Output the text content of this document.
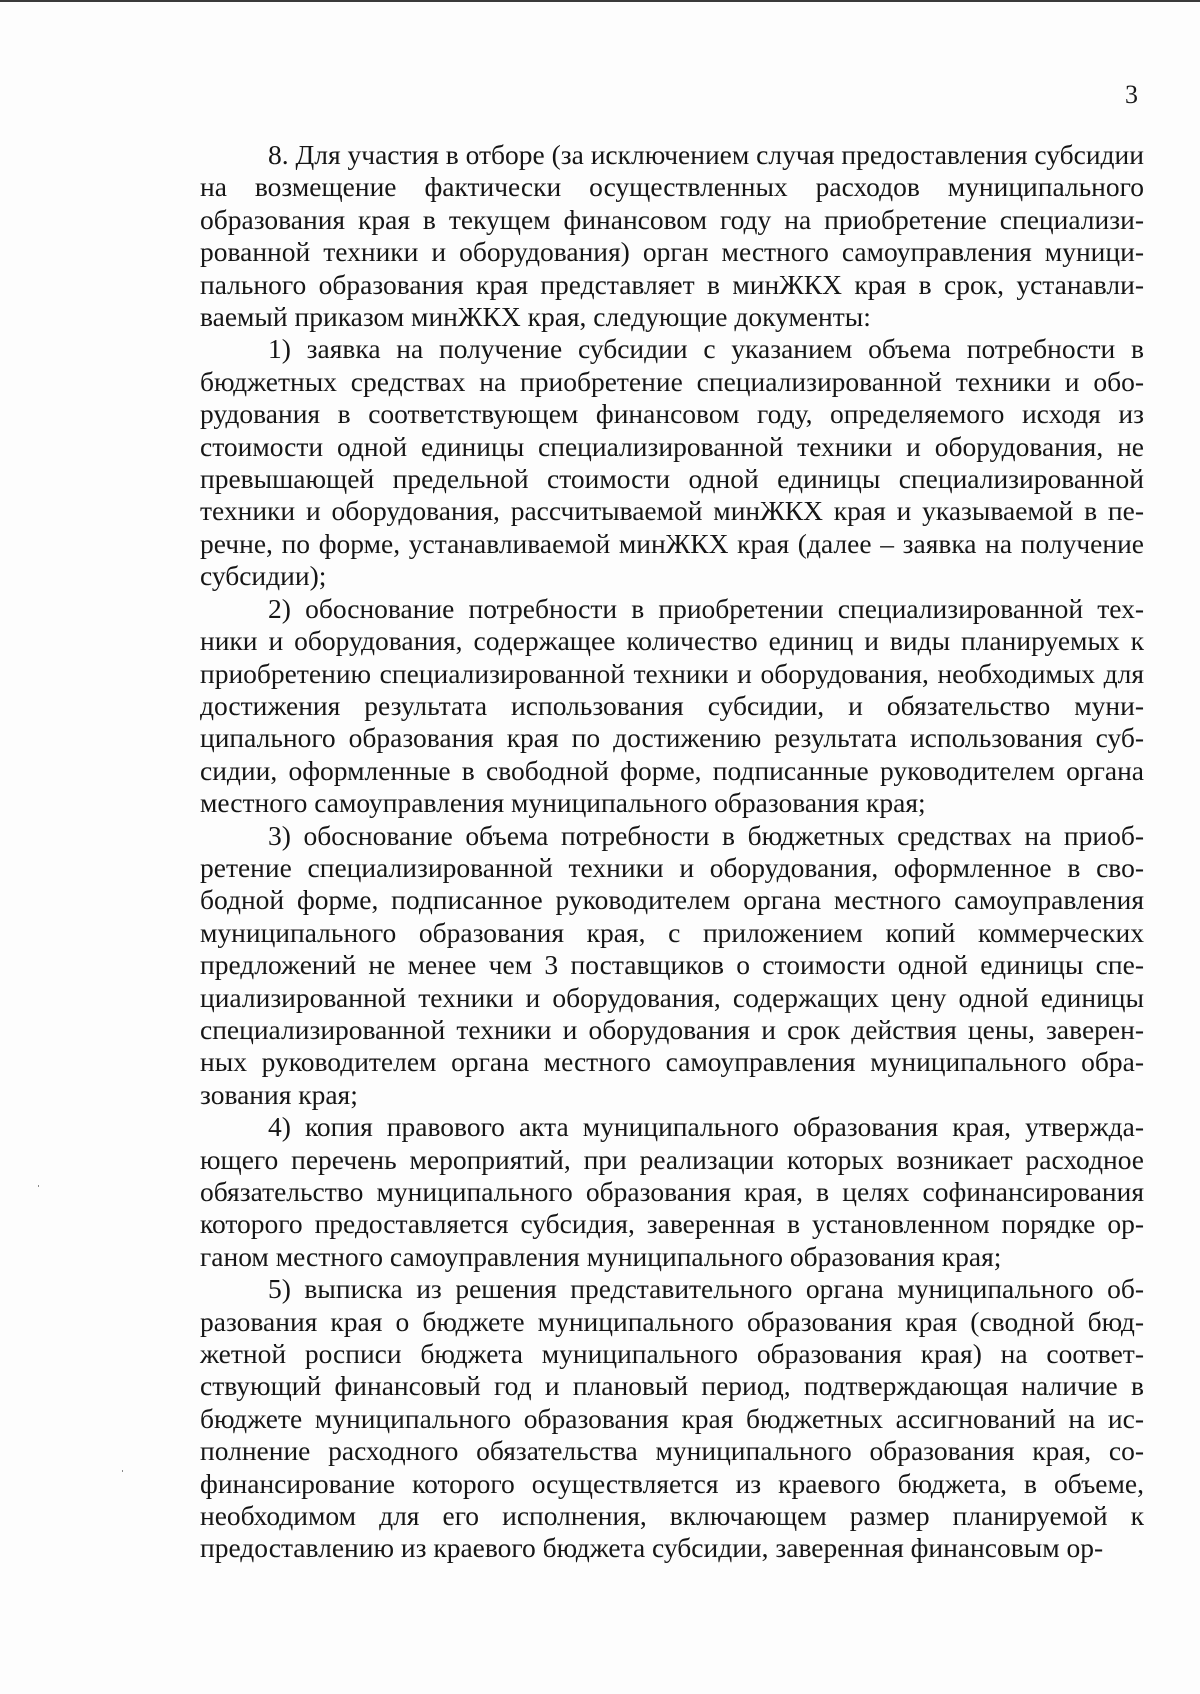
3

8. Для участия в отборе (за исключением случая предоставления субсидии на возмещение фактически осуществленных расходов муниципального образования края в текущем финансовом году на приобретение специализированной техники и оборудования) орган местного самоуправления муниципального образования края представляет в минЖКХ края в срок, устанавливаемый приказом минЖКХ края, следующие документы:

1) заявка на получение субсидии с указанием объема потребности в бюджетных средствах на приобретение специализированной техники и оборудования в соответствующем финансовом году, определяемого исходя из стоимости одной единицы специализированной техники и оборудования, не превышающей предельной стоимости одной единицы специализированной техники и оборудования, рассчитываемой минЖКХ края и указываемой в перечне, по форме, устанавливаемой минЖКХ края (далее – заявка на получение субсидии);

2) обоснование потребности в приобретении специализированной техники и оборудования, содержащее количество единиц и виды планируемых к приобретению специализированной техники и оборудования, необходимых для достижения результата использования субсидии, и обязательство муниципального образования края по достижению результата использования субсидии, оформленные в свободной форме, подписанные руководителем органа местного самоуправления муниципального образования края;

3) обоснование объема потребности в бюджетных средствах на приобретение специализированной техники и оборудования, оформленное в свободной форме, подписанное руководителем органа местного самоуправления муниципального образования края, с приложением копий коммерческих предложений не менее чем 3 поставщиков о стоимости одной единицы специализированной техники и оборудования, содержащих цену одной единицы специализированной техники и оборудования и срок действия цены, заверенных руководителем органа местного самоуправления муниципального образования края;

4) копия правового акта муниципального образования края, утверждающего перечень мероприятий, при реализации которых возникает расходное обязательство муниципального образования края, в целях софинансирования которого предоставляется субсидия, заверенная в установленном порядке органом местного самоуправления муниципального образования края;

5) выписка из решения представительного органа муниципального образования края о бюджете муниципального образования края (сводной бюджетной росписи бюджета муниципального образования края) на соответствующий финансовый год и плановый период, подтверждающая наличие в бюджете муниципального образования края бюджетных ассигнований на исполнение расходного обязательства муниципального образования края, софинансирование которого осуществляется из краевого бюджета, в объеме, необходимом для его исполнения, включающем размер планируемой к предоставлению из краевого бюджета субсидии, заверенная финансовым ор-
